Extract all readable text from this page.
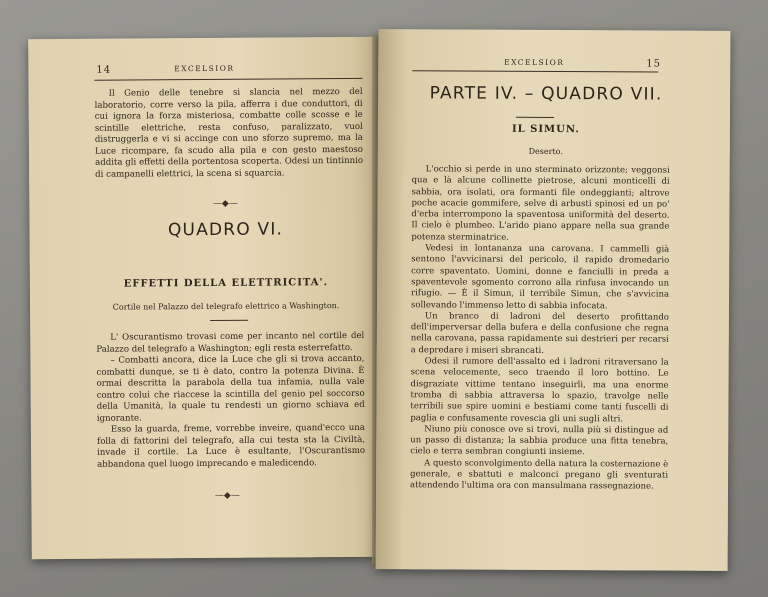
14	EXCELSIOR

Il Genio delle tenebre si slancia nel mezzo del laboratorio, corre verso la pila, afferra i due conduttori, di cui ignora la forza misteriosa, combatte colle scosse e le scintille elettriche, resta confuso, paralizzato, vuol distruggerla e vi si accinge con uno sforzo supremo, ma la Luce ricompare, fa scudo alla pila e con gesto maestoso addita gli effetti della portentosa scoperta. Odesi un tintinnio di campanelli elettrici, la scena si squarcia.

—◆—
QUADRO VI.
EFFETTI DELLA ELETTRICITA'.
Cortile nel Palazzo del telegrafo elettrico a Washington.

L' Oscurantismo trovasi come per incanto nel cortile del Palazzo del telegrafo a Washington; egli resta esterrefatto.

– Combatti ancora, dice la Luce che gli si trova accanto, combatti dunque, se ti è dato, contro la potenza Divina. È ormai descritta la parabola della tua infamia, nulla vale contro colui che riaccese la scintilla del genio pel soccorso della Umanità, la quale tu rendesti un giorno schiava ed ignorante.

Esso la guarda, freme, vorrebbe inveire, quand'ecco una folla di fattorini del telegrafo, alla cui testa sta la Civiltà, invade il cortile. La Luce è esultante, l'Oscurantismo abbandona quel luogo imprecando e maledicendo.

—◆—
EXCELSIOR	15
PARTE IV. – QUADRO VII.
IL SIMUN.
Deserto.

L'occhio si perde in uno sterminato orizzonte; veggonsi qua e là alcune collinette pietrose, alcuni monticelli di sabbia, ora isolati, ora formanti file ondeggianti; altrove poche acacie gommifere, selve di arbusti spinosi ed un po' d'erba interrompono la spaventosa uniformità del deserto. Il cielo è plumbeo. L'arido piano appare nella sua grande potenza sterminatrice.

Vedesi in lontananza una carovana. I cammelli già sentono l'avvicinarsi del pericolo, il rapido dromedario corre spaventato. Uomini, donne e fanciulli in preda a spaventevole sgomento corrono alla rinfusa invocando un rifugio. — È il Simun, il terribile Simun, che s'avvicina sollevando l'immenso letto di sabbia infocata.

Un branco di ladroni del deserto profittando dell'imperversar della bufera e della confusione che regna nella carovana, passa rapidamente sui destrieri per recarsi a depredare i miseri sbrancati.

Odesi il rumore dell'assalto ed i ladroni ritraversano la scena velocemente, seco traendo il loro bottino. Le disgraziate vittime tentano inseguirli, ma una enorme tromba di sabbia attraversa lo spazio, travolge nelle terribili sue spire uomini e bestiami come tanti fuscelli di paglia e confusamente rovescia gli uni sugli altri.

Niuno più conosce ove si trovi, nulla più si distingue ad un passo di distanza; la sabbia produce una fitta tenebra, cielo e terra sembran congiunti insieme.

A questo sconvolgimento della natura la costernazione è generale, e sbattuti e malconci pregano gli sventurati attendendo l'ultima ora con mansulmana rassegnazione.
